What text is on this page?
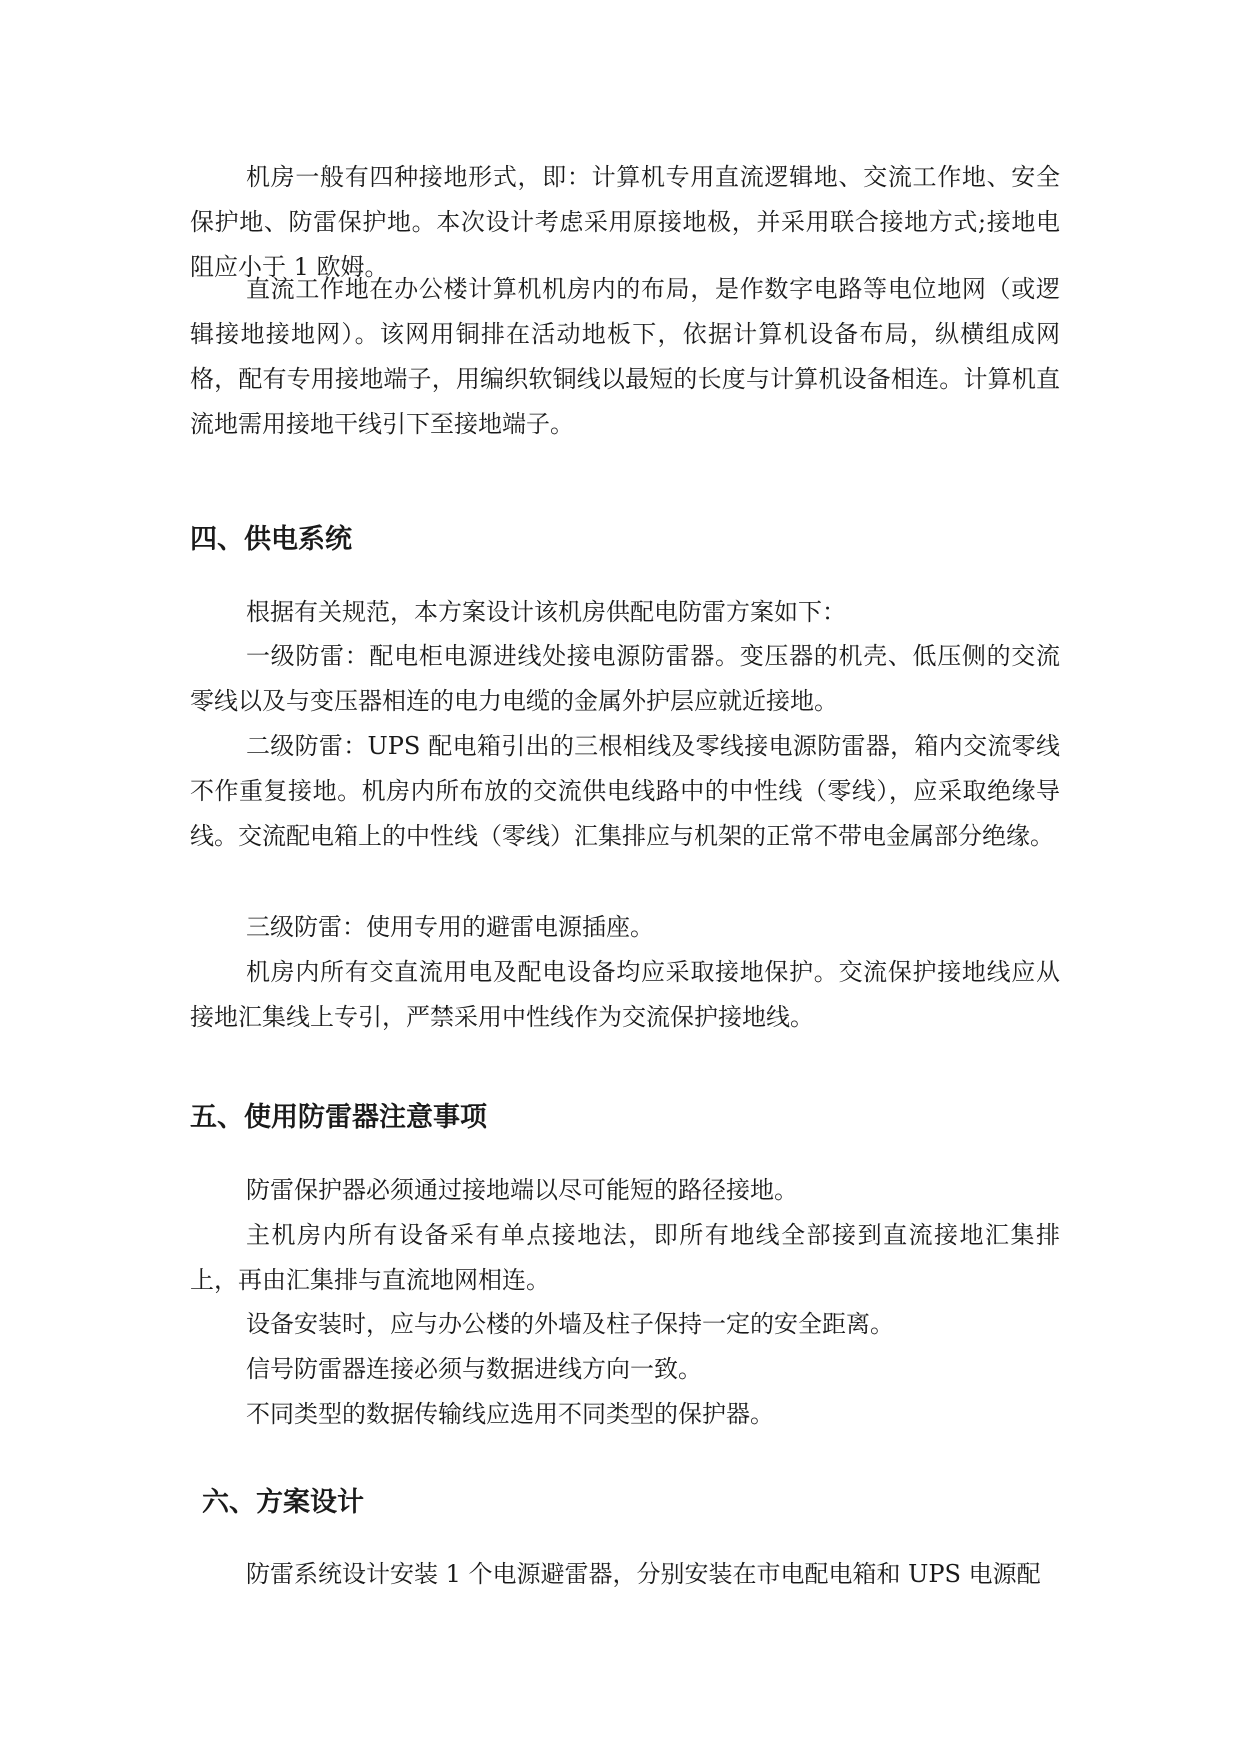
机房一般有四种接地形式，即：计算机专用直流逻辑地、交流工作地、安全保护地、防雷保护地。本次设计考虑采用原接地极，并采用联合接地方式;接地电阻应小于 1 欧姆。

直流工作地在办公楼计算机机房内的布局，是作数字电路等电位地网（或逻辑接地接地网）。该网用铜排在活动地板下，依据计算机设备布局，纵横组成网格，配有专用接地端子，用编织软铜线以最短的长度与计算机设备相连。计算机直流地需用接地干线引下至接地端子。

四、供电系统

根据有关规范，本方案设计该机房供配电防雷方案如下：

一级防雷：配电柜电源进线处接电源防雷器。变压器的机壳、低压侧的交流零线以及与变压器相连的电力电缆的金属外护层应就近接地。

二级防雷：UPS 配电箱引出的三根相线及零线接电源防雷器，箱内交流零线不作重复接地。机房内所布放的交流供电线路中的中性线（零线），应采取绝缘导线。交流配电箱上的中性线（零线）汇集排应与机架的正常不带电金属部分绝缘。

三级防雷：使用专用的避雷电源插座。

机房内所有交直流用电及配电设备均应采取接地保护。交流保护接地线应从接地汇集线上专引，严禁采用中性线作为交流保护接地线。

五、使用防雷器注意事项

防雷保护器必须通过接地端以尽可能短的路径接地。

主机房内所有设备采有单点接地法，即所有地线全部接到直流接地汇集排上，再由汇集排与直流地网相连。

设备安装时，应与办公楼的外墙及柱子保持一定的安全距离。

信号防雷器连接必须与数据进线方向一致。

不同类型的数据传输线应选用不同类型的保护器。

六、方案设计

防雷系统设计安装 1 个电源避雷器，分别安装在市电配电箱和 UPS 电源配
